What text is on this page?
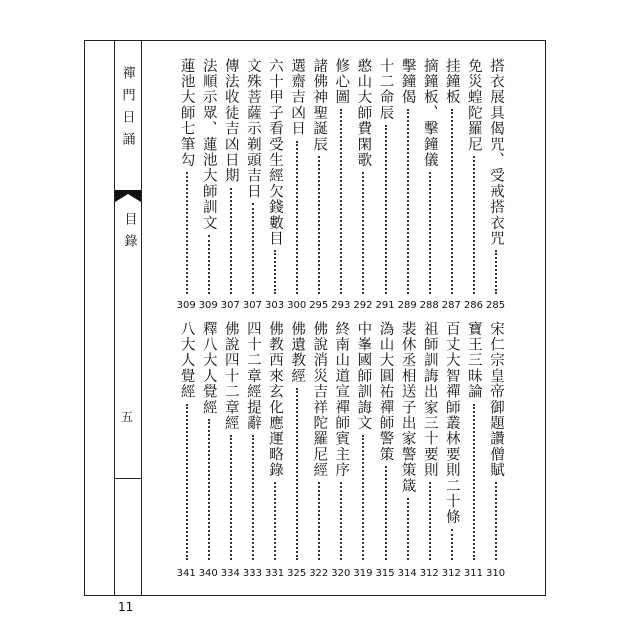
禪門日誦
目錄
五
11
搭衣展具偈咒、受戒搭衣咒
285
免災蝗陀羅尼
286
挂鐘板
287
摘鐘板、擊鐘儀
288
擊鐘偈
289
十二命辰
291
憨山大師費閑歌
292
修心圖
293
諸佛神聖誕辰
295
選齋吉凶日
300
六十甲子看受生經欠錢數目
303
文殊菩薩示剃頭吉日
307
傳法收徒吉凶日期
307
法順示眾、蓮池大師訓文
309
蓮池大師七筆勾
309
宋仁宗皇帝御題讚僧賦
310
寶王三昧論
311
百丈大智禪師叢林要則二十條
312
祖師訓誨出家三十要則
312
裴休丞相送子出家警策箴
314
溈山大圓祐禪師警策
315
中峯國師訓誨文
319
終南山道宣禪師賓主序
320
佛說消災吉祥陀羅尼經
322
佛遺教經
325
佛教西來玄化應運略錄
331
四十二章經提辭
333
佛說四十二章經
334
釋八大人覺經
340
八大人覺經
341
